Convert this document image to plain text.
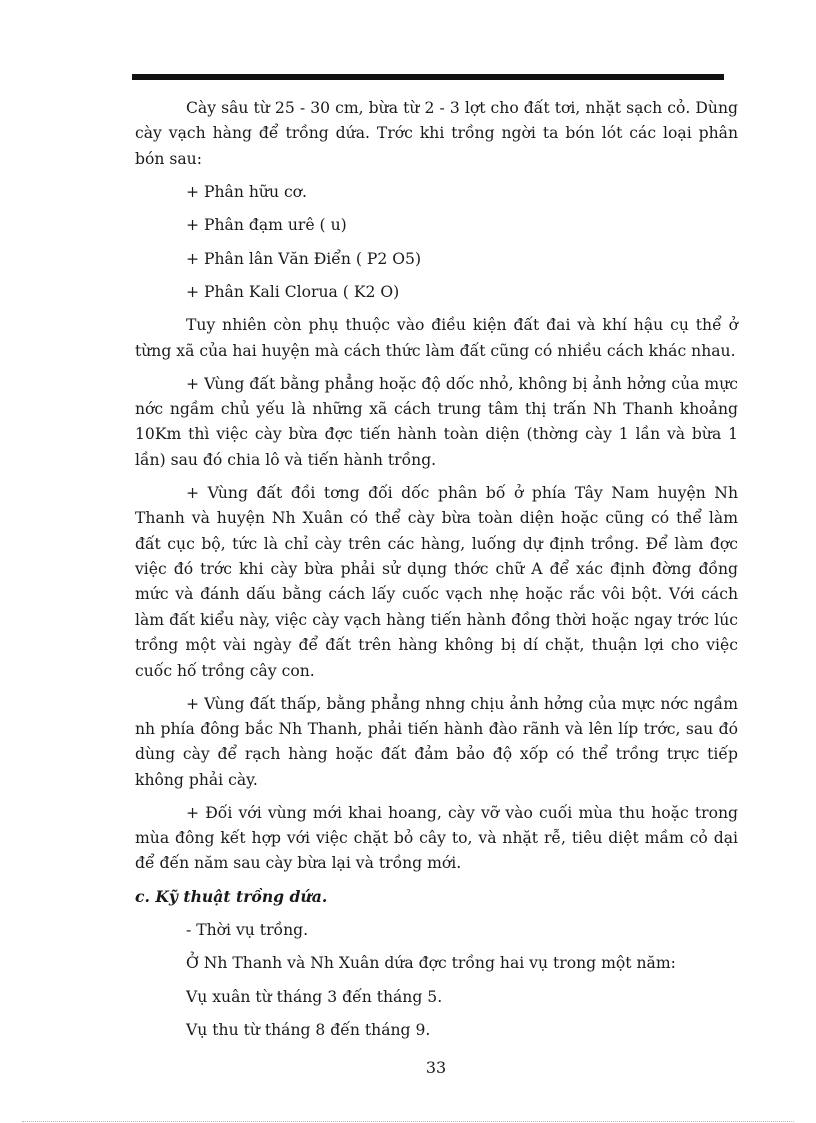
Cày sâu từ 25 - 30 cm, bừa từ 2 - 3 lợt cho đất tơi, nhặt sạch cỏ. Dùng cày vạch hàng để trồng dứa. Trớc khi trồng ngời ta bón lót các loại phân bón sau:

+ Phân hữu cơ.

+ Phân đạm urê ( u)

+ Phân lân Văn Điển ( P2 O5)

+ Phân Kali Clorua ( K2 O)

Tuy nhiên còn phụ thuộc vào điều kiện đất đai và khí hậu cụ thể ở từng xã của hai huyện mà cách thức làm đất cũng có nhiều cách khác nhau.

+ Vùng đất bằng phẳng hoặc độ dốc nhỏ, không bị ảnh hởng của mực nớc ngầm chủ yếu là những xã cách trung tâm thị trấn Nh Thanh khoảng 10Km thì việc cày bừa đợc tiến hành toàn diện (thờng cày 1 lần và bừa 1 lần) sau đó chia lô và tiến hành trồng.

+ Vùng đất đồi tơng đối dốc phân bố ở phía Tây Nam huyện Nh Thanh và huyện Nh Xuân có thể cày bừa toàn diện hoặc cũng có thể làm đất cục bộ, tức là chỉ cày trên các hàng, luống dự định trồng. Để làm đợc việc đó trớc khi cày bừa phải sử dụng thớc chữ A để xác định đờng đồng mức và đánh dấu bằng cách lấy cuốc vạch nhẹ hoặc rắc vôi bột. Với cách làm đất kiểu này, việc cày vạch hàng tiến hành đồng thời hoặc ngay trớc lúc trồng một vài ngày để đất trên hàng không bị dí chặt, thuận lợi cho việc cuốc hố trồng cây con.

+ Vùng đất thấp, bằng phẳng nhng chịu ảnh hởng của mực nớc ngầm nh phía đông bắc Nh Thanh, phải tiến hành đào rãnh và lên líp trớc, sau đó dùng cày để rạch hàng hoặc đất đảm bảo độ xốp có thể trồng trực tiếp không phải cày.

+ Đối với vùng mới khai hoang, cày vỡ vào cuối mùa thu hoặc trong mùa đông kết hợp với việc chặt bỏ cây to, và nhặt rễ, tiêu diệt mầm cỏ dại để đến năm sau cày bừa lại và trồng mới.

c. Kỹ thuật trồng dứa.

- Thời vụ trồng.

Ở Nh Thanh và Nh Xuân dứa đợc trồng hai vụ trong một năm:

Vụ xuân từ tháng 3 đến tháng 5.

Vụ thu từ tháng 8 đến tháng 9.

33
